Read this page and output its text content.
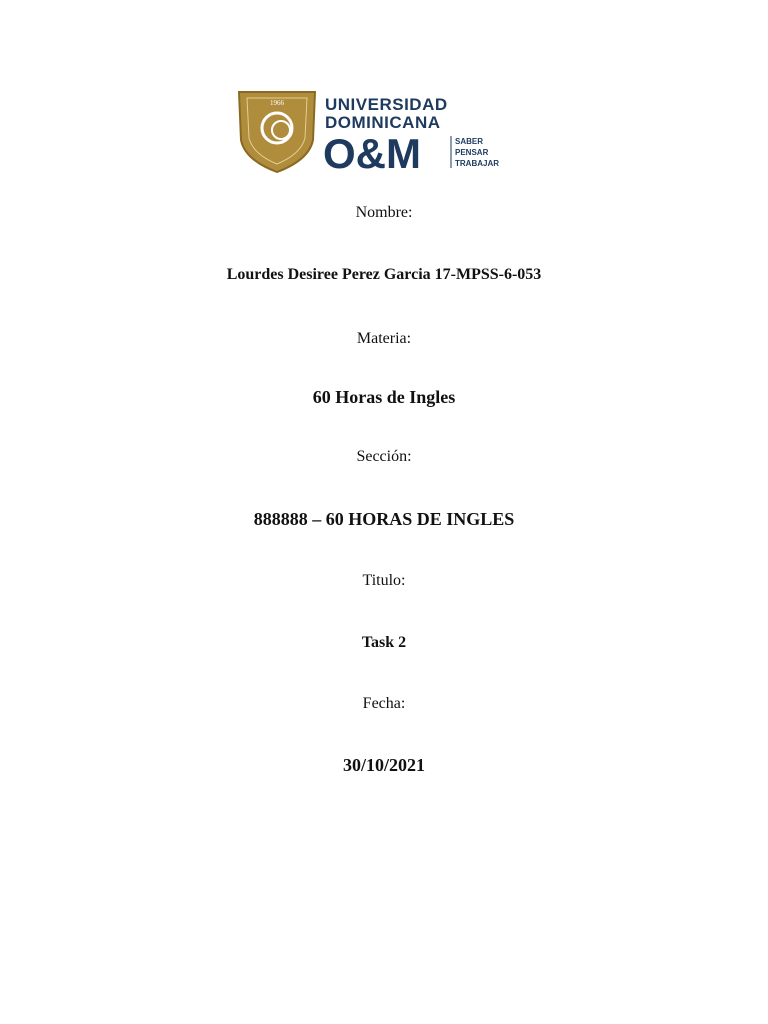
1966 UNIVERSIDAD
DOMINICANA
O&M	SABER
PENSAR
TRABAJAR
Nombre:
Lourdes Desiree Perez Garcia 17-MPSS-6-053
Materia:
60 Horas de Ingles
Sección:
888888 – 60 HORAS DE INGLES
Titulo:
Task 2
Fecha:
30/10/2021
